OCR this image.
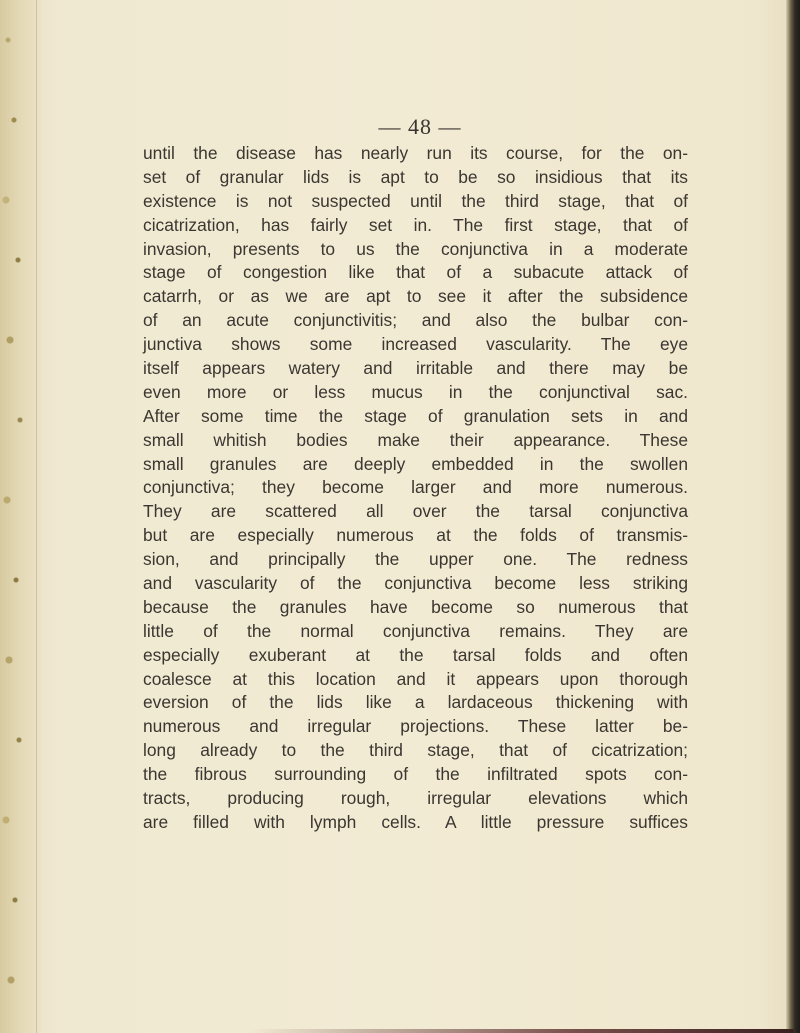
— 48 —
until the disease has nearly run its course, for the on-
set of granular lids is apt to be so insidious that its
existence is not suspected until the third stage, that of
cicatrization, has fairly set in. The first stage, that of
invasion, presents to us the conjunctiva in a moderate
stage of congestion like that of a subacute attack of
catarrh, or as we are apt to see it after the subsidence
of an acute conjunctivitis; and also the bulbar con-
junctiva shows some increased vascularity. The eye
itself appears watery and irritable and there may be
even more or less mucus in the conjunctival sac.
After some time the stage of granulation sets in and
small whitish bodies make their appearance. These
small granules are deeply embedded in the swollen
conjunctiva; they become larger and more numerous.
They are scattered all over the tarsal conjunctiva
but are especially numerous at the folds of transmis-
sion, and principally the upper one. The redness
and vascularity of the conjunctiva become less striking
because the granules have become so numerous that
little of the normal conjunctiva remains. They are
especially exuberant at the tarsal folds and often
coalesce at this location and it appears upon thorough
eversion of the lids like a lardaceous thickening with
numerous and irregular projections. These latter be-
long already to the third stage, that of cicatrization;
the fibrous surrounding of the infiltrated spots con-
tracts, producing rough, irregular elevations which
are filled with lymph cells. A little pressure suffices
